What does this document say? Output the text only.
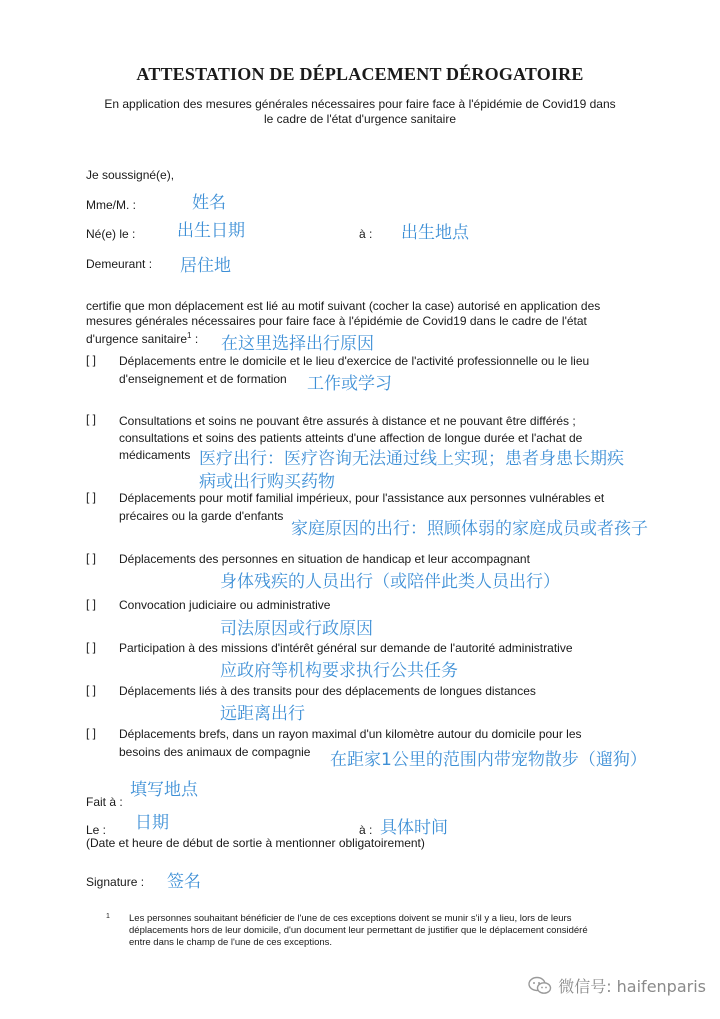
ATTESTATION DE DÉPLACEMENT DÉROGATOIRE
En application des mesures générales nécessaires pour faire face à l'épidémie de Covid19 dans
le cadre de l'état d'urgence sanitaire
Je soussigné(e),
Mme/M. :	姓名
Né(e) le : 出生日期	à : 出生地点
Demeurant : 居住地
certifie que mon déplacement est lié au motif suivant (cocher la case) autorisé en application des
mesures générales nécessaires pour faire face à l'épidémie de Covid19 dans le cadre de l'état
d'urgence sanitaire$^1$ : 在这里选择出行原因
[ ] Déplacements entre le domicile et le lieu d'exercice de l'activité professionnelle ou le lieu
d'enseignement et de formation 工作或学习
[ ] Consultations et soins ne pouvant être assurés à distance et ne pouvant être différés ;
consultations et soins des patients atteints d'une affection de longue durée et l'achat de
médicaments 医疗出行：医疗咨询无法通过线上实现；患者身患长期疾
病或出行购买药物
[ ] Déplacements pour motif familial impérieux, pour l'assistance aux personnes vulnérables et
précaires ou la garde d'enfants
家庭原因的出行：照顾体弱的家庭成员或者孩子
[ ] Déplacements des personnes en situation de handicap et leur accompagnant
身体残疾的人员出行（或陪伴此类人员出行）
[ ] Convocation judiciaire ou administrative
司法原因或行政原因
[ ] Participation à des missions d'intérêt général sur demande de l'autorité administrative
应政府等机构要求执行公共任务
[ ] Déplacements liés à des transits pour des déplacements de longues distances
远距离出行
[ ] Déplacements brefs, dans un rayon maximal d'un kilomètre autour du domicile pour les
besoins des animaux de compagnie 在距家1公里的范围内带宠物散步（遛狗）
填写地点
Fait à :
日期
Le :	à : 具体时间
(Date et heure de début de sortie à mentionner obligatoirement)
Signature : 签名
1 Les personnes souhaitant bénéficier de l'une de ces exceptions doivent se munir s'il y a lieu, lors de leurs
déplacements hors de leur domicile, d'un document leur permettant de justifier que le déplacement considéré
entre dans le champ de l'une de ces exceptions.
微信号: haifenparis
